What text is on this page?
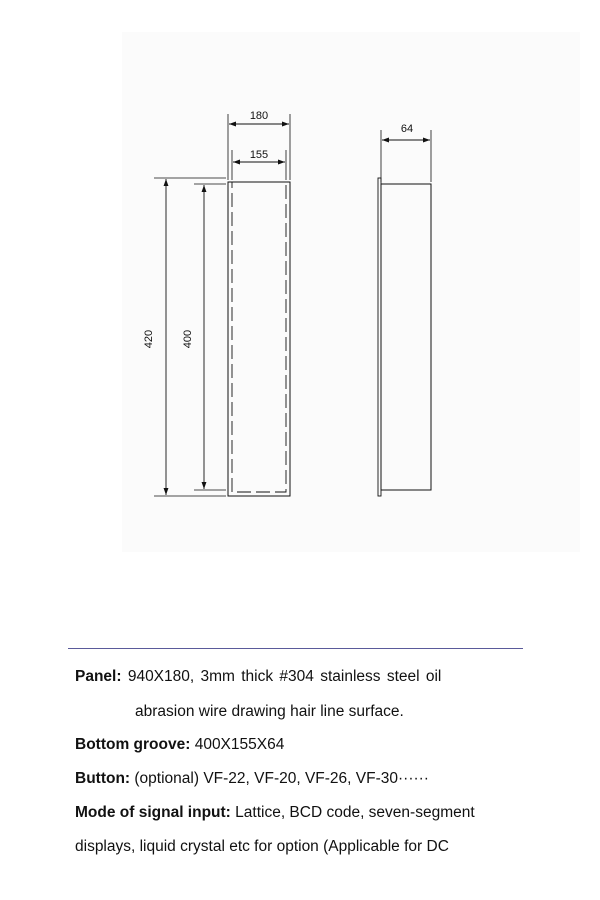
180
155
420 400
64
Panel: 940X180, 3mm thick #304 stainless steel oil
abrasion wire drawing hair line surface.
Bottom groove: 400X155X64
Button: (optional) VF-22, VF-20, VF-26, VF-30······
Mode of signal input: Lattice, BCD code, seven-segment
displays, liquid crystal etc for option (Applicable for DC
